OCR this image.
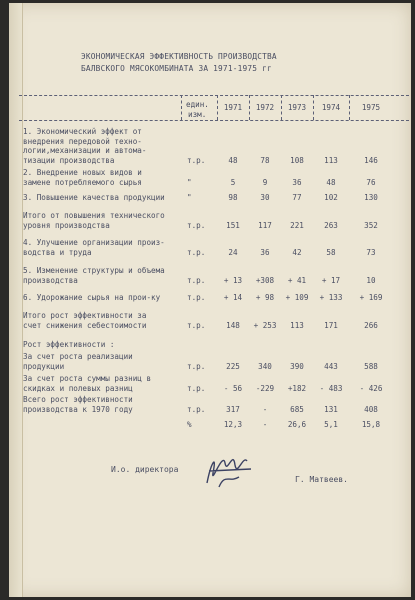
ЭКОНОМИЧЕСКАЯ ЭФФЕКТИВНОСТЬ ПРОИЗВОДСТВА
БАЛВСКОГО МЯСОКОМБИНАТА ЗА 1971-1975 гг
един.
изм.
1971	1972	1973	1974	1975
1. Экономический эффект от
внедрения передовой техно-
логии,механизации и автома-
тизации производства	т.р.	48	78	108	113	146
2. Внедрение новых видов и
замене потребляемого сырья	"	5	9	36	48	76
3. Повышение качества продукции	"	98	30	77	102	130
Итого от повышения технического
уровня производства	т.р.	151	117	221	263	352
4. Улучшение организации произ-
водства и труда	т.р.	24	36	42	58	73
5. Изменение структуры и объема
производства	т.р.	+ 13	+308	+ 41	+ 17	10
6. Удорожание сырья на прои-ку	т.р.	+ 14	+ 98	+ 109	+ 133	+ 169
Итого рост эффективности за
счет снижения себестоимости	т.р.	148	+ 253	113	171	266
Рост эффективности :
За счет роста реализации
продукции	т.р.	225	340	390	443	588
За счет роста суммы разниц в
скидках и полевых разниц	т.р.	- 56	-229	+182	- 483	- 426
Всего рост эффективности
производства к 1970 году	т.р.	317	-	685	131	408
%	12,3	-	26,6	5,1	15,8
И.о. директора
Г. Матвеев.
